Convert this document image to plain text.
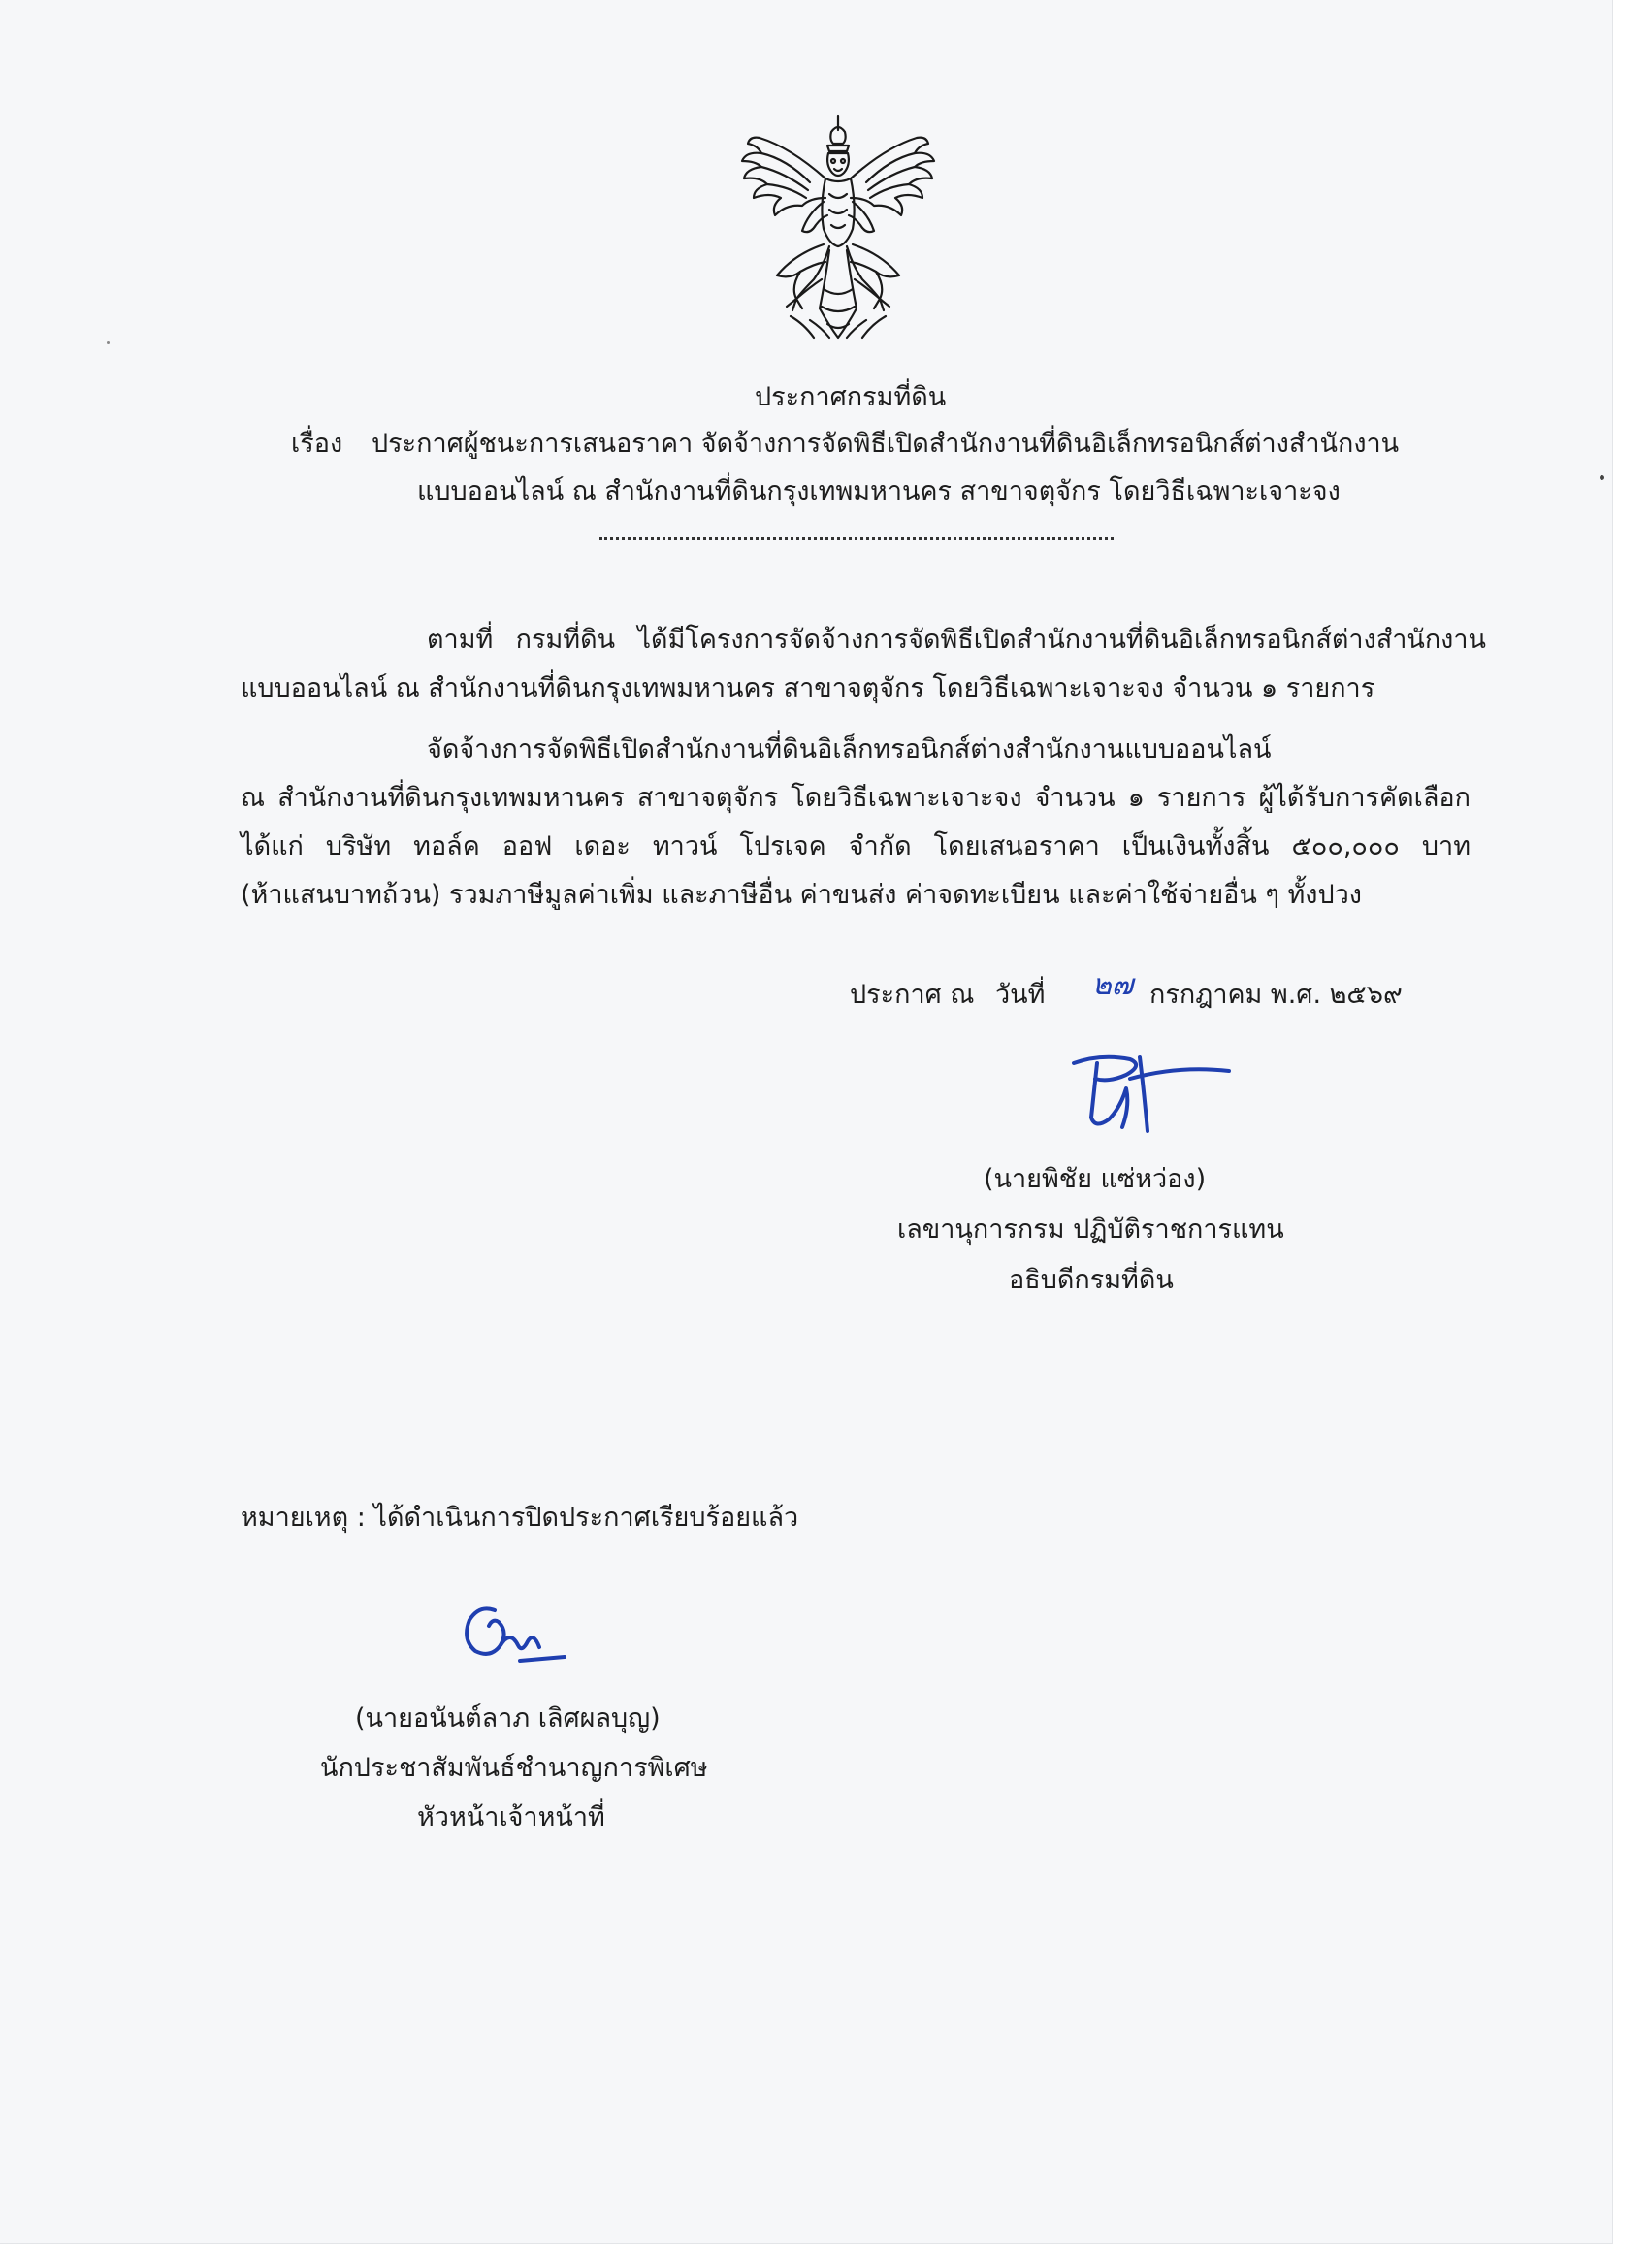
ประกาศกรมที่ดิน
เรื่อง ประกาศผู้ชนะการเสนอราคา จัดจ้างการจัดพิธีเปิดสำนักงานที่ดินอิเล็กทรอนิกส์ต่างสำนักงาน
แบบออนไลน์ ณ สำนักงานที่ดินกรุงเทพมหานคร สาขาจตุจักร โดยวิธีเฉพาะเจาะจง
ตามที่ กรมที่ดิน ได้มีโครงการจัดจ้างการจัดพิธีเปิดสำนักงานที่ดินอิเล็กทรอนิกส์ต่างสำนักงาน
แบบออนไลน์ ณ สำนักงานที่ดินกรุงเทพมหานคร สาขาจตุจักร โดยวิธีเฉพาะเจาะจง จำนวน ๑ รายการ
จัดจ้างการจัดพิธีเปิดสำนักงานที่ดินอิเล็กทรอนิกส์ต่างสำนักงานแบบออนไลน์
ณ สำนักงานที่ดินกรุงเทพมหานคร สาขาจตุจักร โดยวิธีเฉพาะเจาะจง จำนวน ๑ รายการ ผู้ได้รับการคัดเลือก
ได้แก่ บริษัท ทอล์ค ออฟ เดอะ ทาวน์ โปรเจค จำกัด โดยเสนอราคา เป็นเงินทั้งสิ้น ๕๐๐,๐๐๐ บาท
(ห้าแสนบาทถ้วน) รวมภาษีมูลค่าเพิ่ม และภาษีอื่น ค่าขนส่ง ค่าจดทะเบียน และค่าใช้จ่ายอื่น ๆ ทั้งปวง
ประกาศ ณ วันที่ ๒๗ กรกฎาคม พ.ศ. ๒๕๖๙
(นายพิชัย แซ่หว่อง)
เลขานุการกรม ปฏิบัติราชการแทน
อธิบดีกรมที่ดิน
หมายเหตุ : ได้ดำเนินการปิดประกาศเรียบร้อยแล้ว
(นายอนันต์ลาภ เลิศผลบุญ)
นักประชาสัมพันธ์ชำนาญการพิเศษ
หัวหน้าเจ้าหน้าที่
